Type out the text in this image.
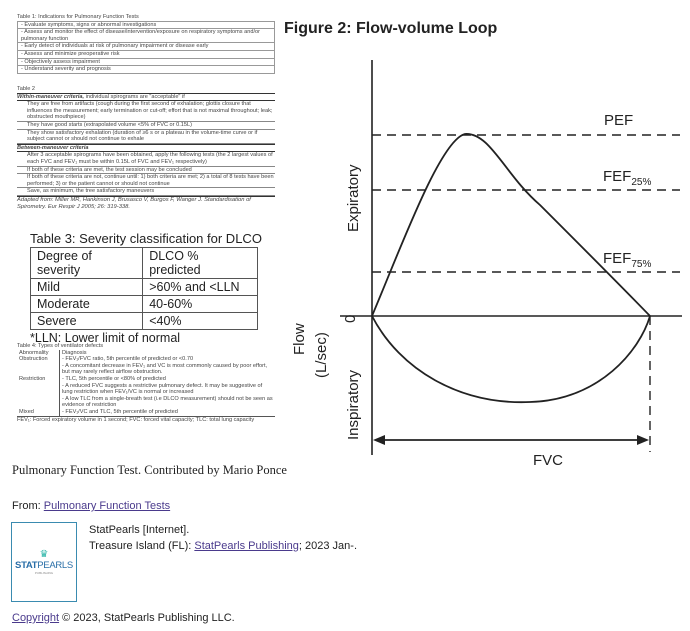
Table 1: Indications for Pulmonary Function Tests
- Evaluate symptoms, signs or abnormal investigations
- Assess and monitor the effect of disease/intervention/exposure on respiratory symptoms and/or pulmonary function
- Early detect of individuals at risk of pulmonary impairment or disease early
- Assess and minimize preoperative risk
- Objectively assess impairment
- Understand severity and prognosis
Table 2
Within-maneuver criteria, individual spirograms are "acceptable" if
They are free from artifacts (cough during the first second of exhalation; glottis closure that influences the measurement; early termination or cut-off; effort that is not maximal throughout; leak; obstructed mouthpiece)
They have good starts (extrapolated volume <5% of FVC or 0.15L)
They show satisfactory exhalation (duration of ≥6 s or a plateau in the volume-time curve or if subject cannot or should not continue to exhale
Between-maneuver criteria
After 3 acceptable spirograms have been obtained, apply the following tests (the 2 largest values of each FVC and FEV₁ must be within 0.15L of FVC and FEV₁ respectively)
If both of these criteria are met, the test session may be concluded
If both of these criteria are not, continue until: 1) both criteria are met; 2) a total of 8 tests have been performed; 3) or the patient cannot or should not continue
Save, as minimum, the tree satisfactory maneuvers
Adapted from: Miller MR, Hankinson J, Brusasco V, Burgos F, Wanger J. Standardisation of Spirometry. Eur Respir J 2005; 26: 319-338.
Table 3: Severity classification for DLCO
Degree of severity	DLCO % predicted
Mild	>60% and <LLN
Moderate	40-60%
Severe	<40%
*LLN: Lower limit of normal
Table 4: Types of ventilator defects
Abnormality	Diagnosis
Obstruction	- FEV₁/FVC ratio, 5th percentile of predicted or <0.70
- A concomitant decrease in FEV₁ and VC is most commonly caused by poor effort, but may rarely reflect airflow obstruction.
Restriction	- TLC, 5th percentile or <80% of predicted
- A reduced FVC suggests a restrictive pulmonary defect. It may be suggestive of lung restriction when FEV₁/VC is normal or increased
- A low TLC from a single-breath test (i.e DLCO measurement) should not be seen as evidence of restriction
Mixed	- FEV₁/VC and TLC, 5th percentile of predicted
FEV₁: Forced expiratory volume in 1 second; FVC: forced vital capacity; TLC: total lung capacity
Figure 2: Flow-volume Loop
PEF
$FEF_{25\%}$
$FEF_{75\%}$
FVC
Expiratory
Flow (L/sec)
0
Inspiratory
Pulmonary Function Test. Contributed by Mario Ponce
From: Pulmonary Function Tests
♛
STATPEARLS
PUBLISHING
StatPearls [Internet].
Treasure Island (FL): StatPearls Publishing; 2023 Jan-.
Copyright © 2023, StatPearls Publishing LLC.
